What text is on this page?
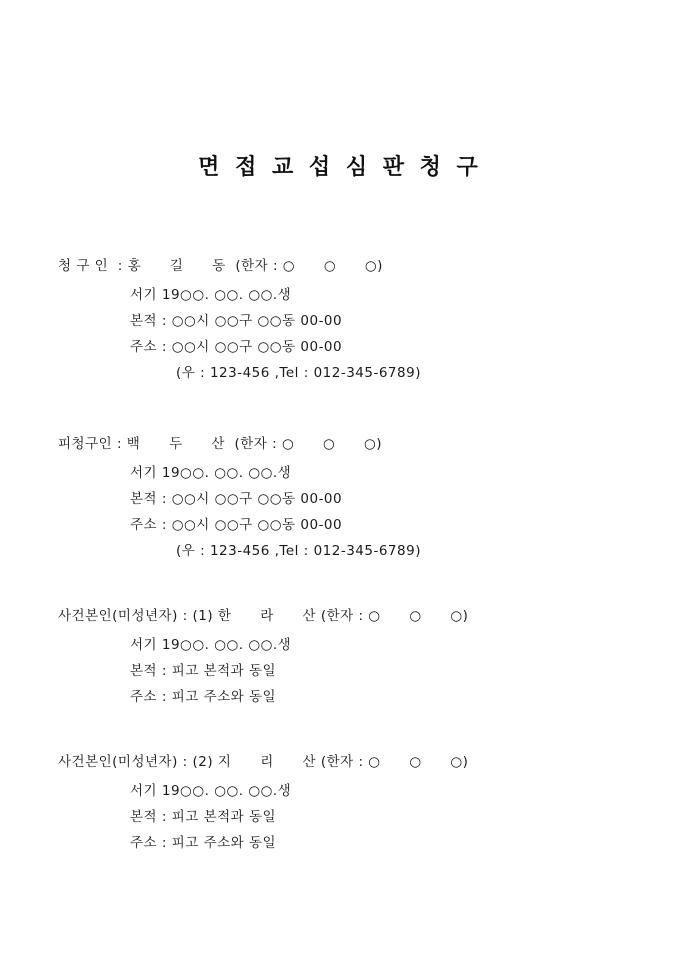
면 접 교 섭 심 판 청 구
청 구 인  : 홍      길      동  (한자 : ○      ○      ○)
서기 19○○. ○○. ○○.생
본적 : ○○시 ○○구 ○○동 00-00
주소 : ○○시 ○○구 ○○동 00-00
(우 : 123-456 ,Tel : 012-345-6789)
피청구인 : 백      두      산  (한자 : ○      ○      ○)
서기 19○○. ○○. ○○.생
본적 : ○○시 ○○구 ○○동 00-00
주소 : ○○시 ○○구 ○○동 00-00
(우 : 123-456 ,Tel : 012-345-6789)
사건본인(미성년자) : (1) 한      라      산 (한자 : ○      ○      ○)
서기 19○○. ○○. ○○.생
본적 : 피고 본적과 동일
주소 : 피고 주소와 동일
사건본인(미성년자) : (2) 지      리      산 (한자 : ○      ○      ○)
서기 19○○. ○○. ○○.생
본적 : 피고 본적과 동일
주소 : 피고 주소와 동일
